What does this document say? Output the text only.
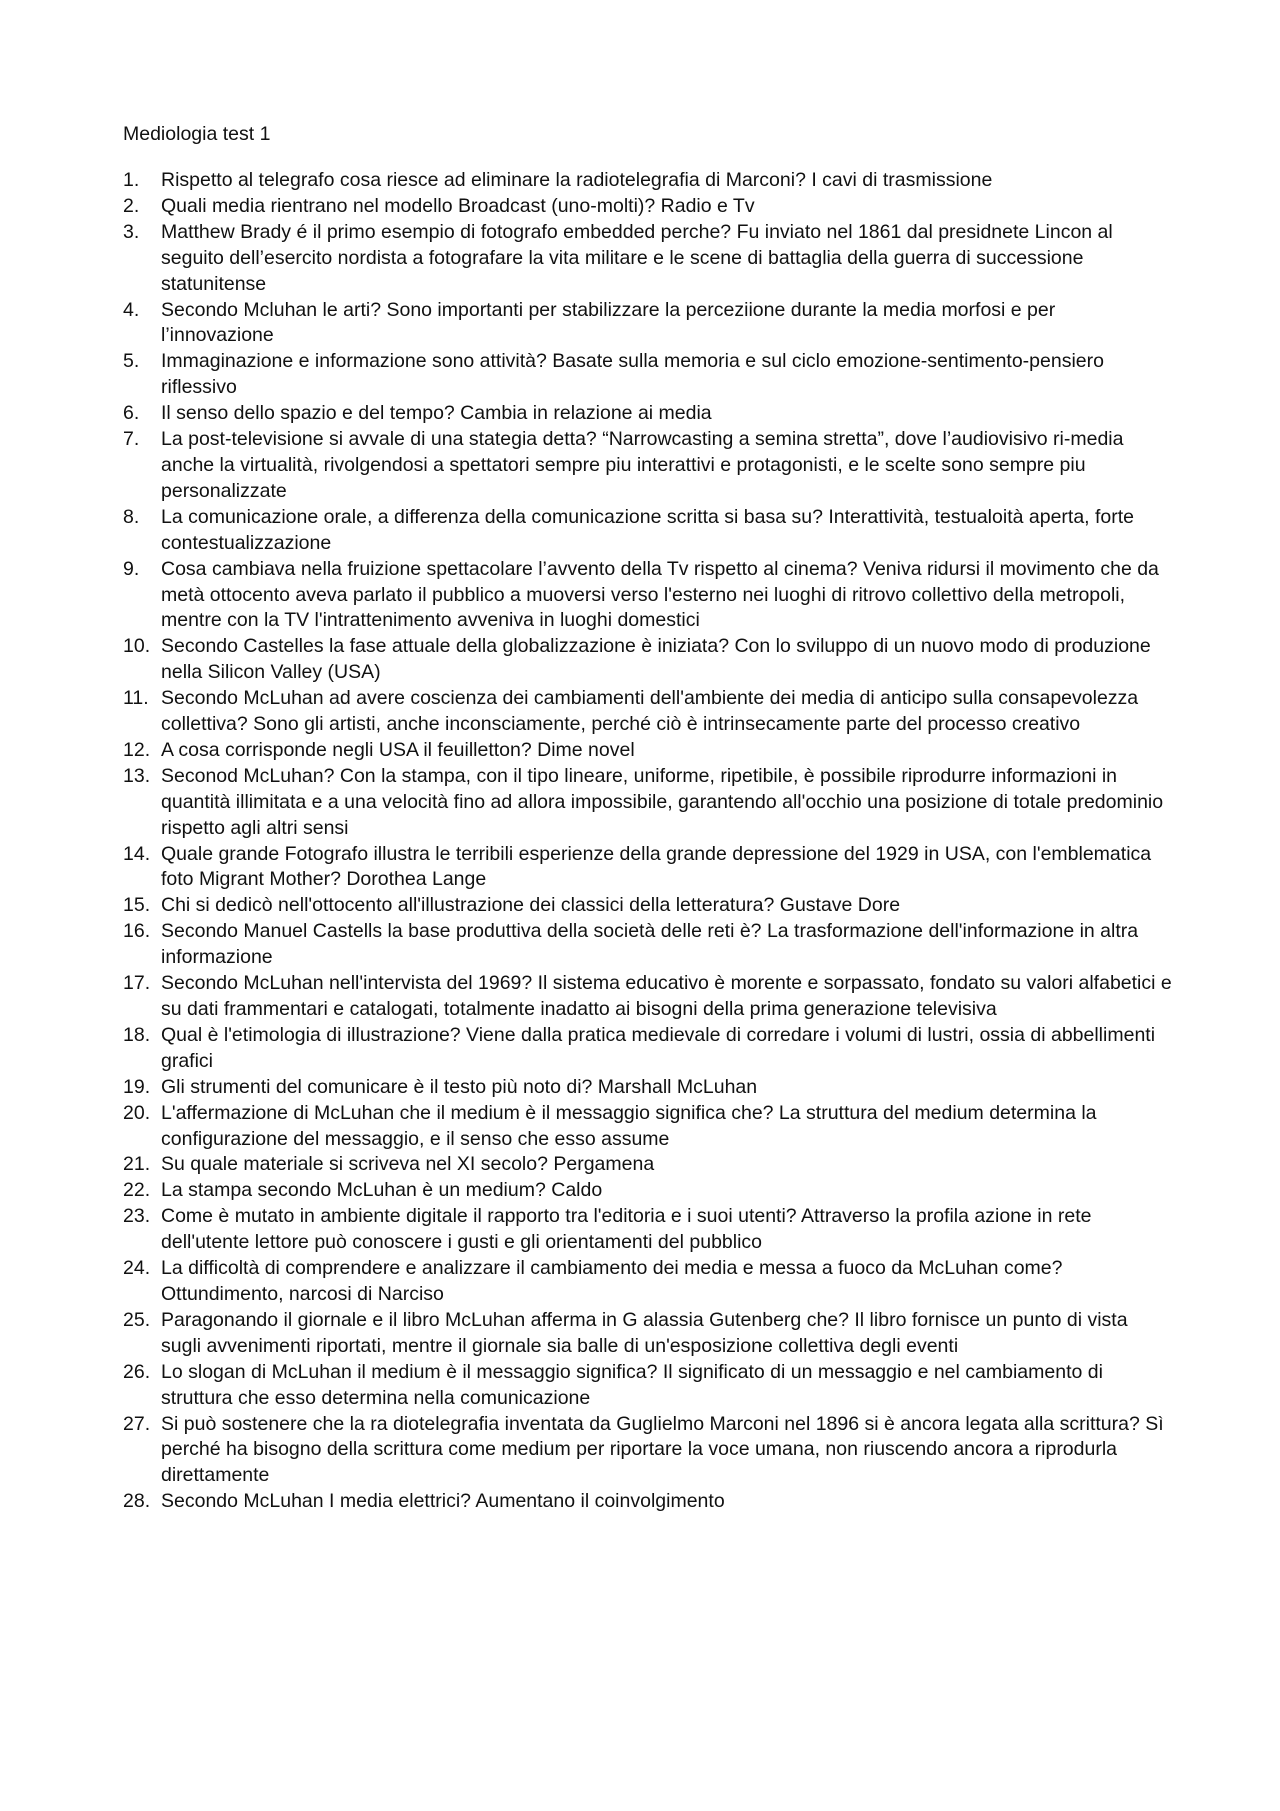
Mediologia test 1
1.	Rispetto al telegrafo cosa riesce ad eliminare la radiotelegrafia di Marconi? I cavi di trasmissione
2.	Quali media rientrano nel modello Broadcast (uno-molti)? Radio e Tv
3.	Matthew Brady é il primo esempio di fotografo embedded perche? Fu inviato nel 1861 dal presidnete Lincon al seguito dell’esercito nordista a fotografare la vita militare e le scene di battaglia della guerra di successione statunitense
4.	Secondo Mcluhan le arti? Sono importanti per stabilizzare la perceziione durante la media morfosi e per l’innovazione
5.	Immaginazione e informazione sono attività? Basate sulla memoria e sul ciclo emozione-sentimento-pensiero riflessivo
6.	Il senso dello spazio e del tempo? Cambia in relazione ai media
7.	La post-televisione si avvale di una stategia detta? “Narrowcasting a semina stretta”, dove l’audiovisivo ri-media anche la virtualità, rivolgendosi a spettatori sempre piu interattivi e protagonisti, e le scelte sono sempre piu personalizzate
8.	La comunicazione orale, a differenza della comunicazione scritta si basa su? Interattività, testualoità aperta, forte contestualizzazione
9.	Cosa cambiava nella fruizione spettacolare l’avvento della Tv rispetto al cinema? Veniva ridursi il movimento che da metà ottocento aveva parlato il pubblico a muoversi verso l'esterno nei luoghi di ritrovo collettivo della metropoli, mentre con la TV l'intrattenimento avveniva in luoghi domestici
10. Secondo Castelles la fase attuale della globalizzazione è iniziata? Con lo sviluppo di un nuovo modo di produzione nella Silicon Valley (USA)
11. Secondo McLuhan ad avere coscienza dei cambiamenti dell'ambiente dei media di anticipo sulla consapevolezza collettiva? Sono gli artisti, anche inconsciamente, perché ciò è intrinsecamente parte del processo creativo
12. A cosa corrisponde negli USA il feuilletton? Dime novel
13. Seconod McLuhan? Con la stampa, con il tipo lineare, uniforme, ripetibile, è possibile riprodurre informazioni in quantità illimitata e a una velocità fino ad allora impossibile, garantendo all'occhio una posizione di totale predominio rispetto agli altri sensi
14. Quale grande Fotografo illustra le terribili esperienze della grande depressione del 1929 in USA, con l'emblematica foto Migrant Mother? Dorothea Lange
15. Chi si dedicò nell'ottocento all'illustrazione dei classici della letteratura? Gustave Dore
16. Secondo Manuel Castells la base produttiva della società delle reti è? La trasformazione dell'informazione in altra informazione
17. Secondo McLuhan nell'intervista del 1969? Il sistema educativo è morente e sorpassato, fondato su valori alfabetici e su dati frammentari e catalogati, totalmente inadatto ai bisogni della prima generazione televisiva
18. Qual è l'etimologia di illustrazione? Viene dalla pratica medievale di corredare i volumi di lustri, ossia di abbellimenti grafici
19. Gli strumenti del comunicare è il testo più noto di? Marshall McLuhan
20. L'affermazione di McLuhan che il medium è il messaggio significa che? La struttura del medium determina la configurazione del messaggio, e il senso che esso assume
21. Su quale materiale si scriveva nel XI secolo? Pergamena
22. La stampa secondo McLuhan è un medium? Caldo
23. Come è mutato in ambiente digitale il rapporto tra l'editoria e i suoi utenti? Attraverso la profila azione in rete dell'utente lettore può conoscere i gusti e gli orientamenti del pubblico
24. La difficoltà di comprendere e analizzare il cambiamento dei media e messa a fuoco da McLuhan come? Ottundimento, narcosi di Narciso
25. Paragonando il giornale e il libro McLuhan afferma in G alassia Gutenberg che? Il libro fornisce un punto di vista sugli avvenimenti riportati, mentre il giornale sia balle di un'esposizione collettiva degli eventi
26. Lo slogan di McLuhan il medium è il messaggio significa? Il significato di un messaggio e nel cambiamento di struttura che esso determina nella comunicazione
27. Si può sostenere che la ra diotelegrafia inventata da Guglielmo Marconi nel 1896 si è ancora legata alla scrittura? Sì perché ha bisogno della scrittura come medium per riportare la voce umana, non riuscendo ancora a riprodurla direttamente
28. Secondo McLuhan I media elettrici? Aumentano il coinvolgimento
